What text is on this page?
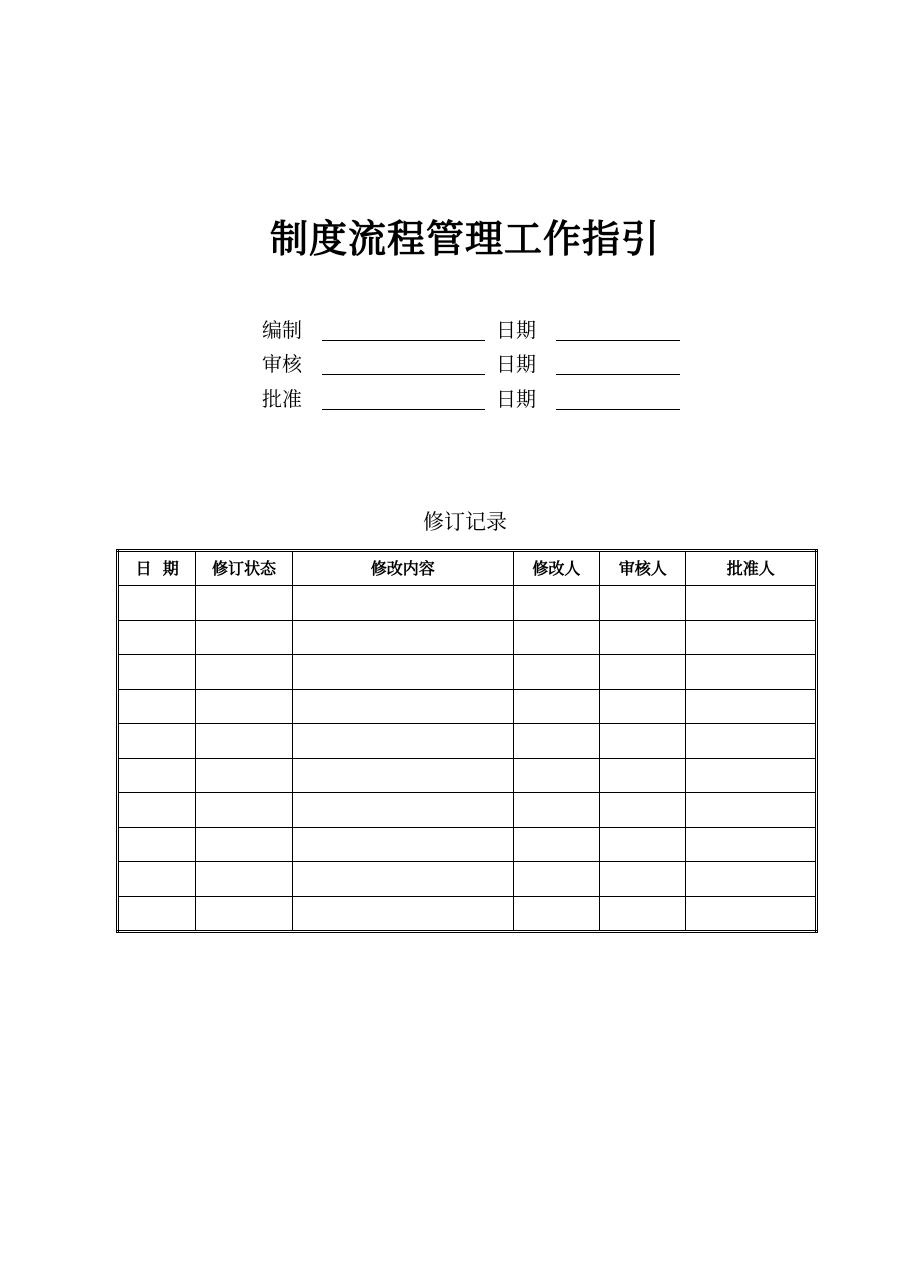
制度流程管理工作指引
编制	日期
审核	日期
批准	日期
修订记录
日  期	修订状态	修改内容	修改人	审核人	批准人
